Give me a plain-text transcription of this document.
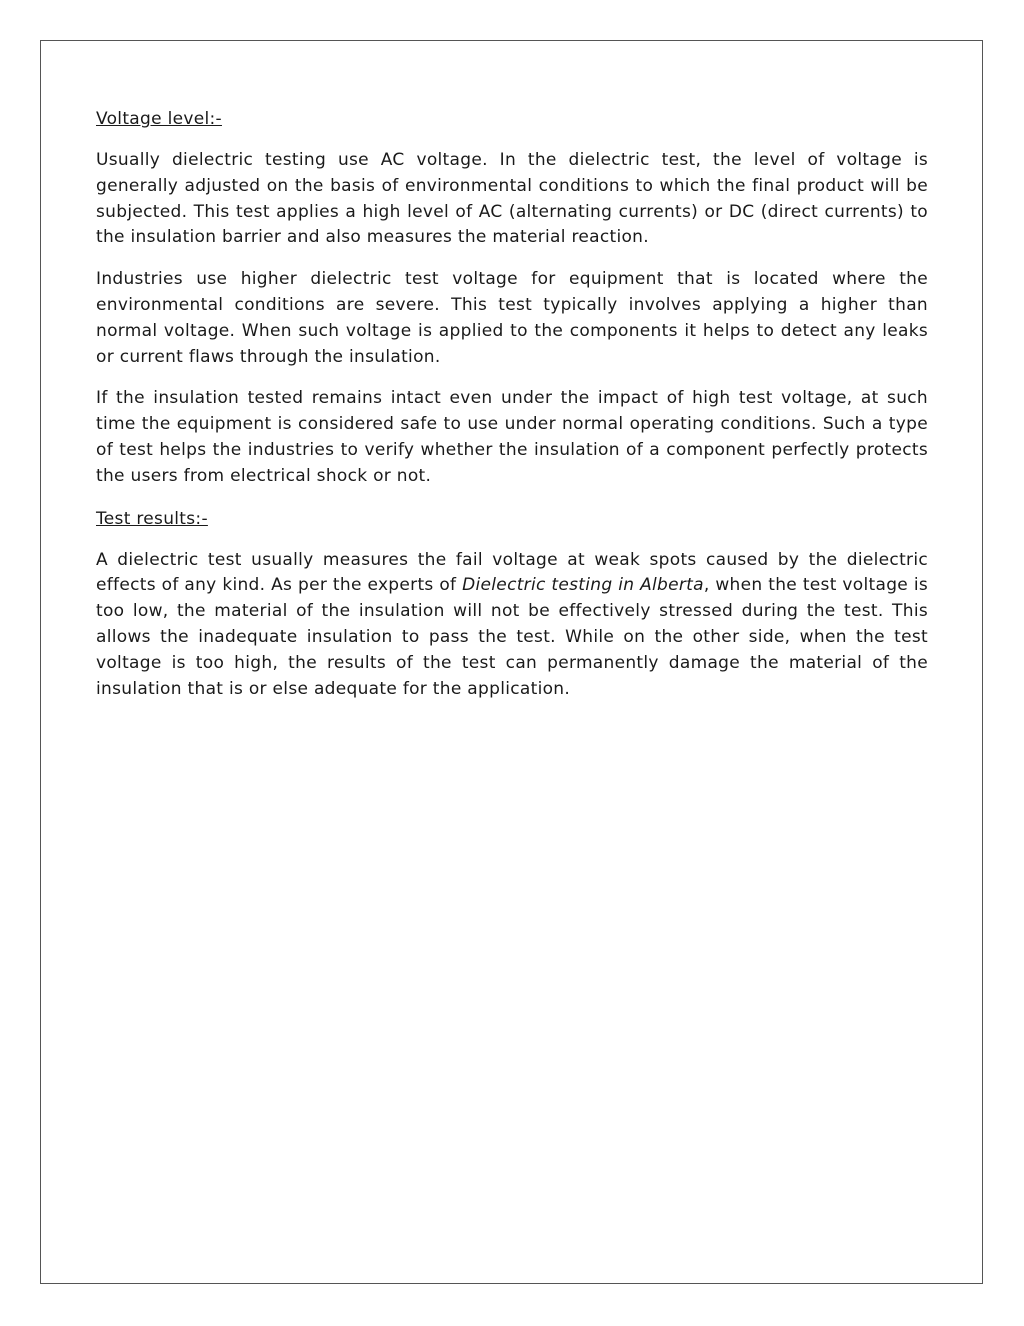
Voltage level:-

Usually dielectric testing use AC voltage. In the dielectric test, the level of voltage is generally adjusted on the basis of environmental conditions to which the final product will be subjected. This test applies a high level of AC (alternating currents) or DC (direct currents) to the insulation barrier and also measures the material reaction.

Industries use higher dielectric test voltage for equipment that is located where the environmental conditions are severe. This test typically involves applying a higher than normal voltage. When such voltage is applied to the components it helps to detect any leaks or current flaws through the insulation.

If the insulation tested remains intact even under the impact of high test voltage, at such time the equipment is considered safe to use under normal operating conditions. Such a type of test helps the industries to verify whether the insulation of a component perfectly protects the users from electrical shock or not.

Test results:-

A dielectric test usually measures the fail voltage at weak spots caused by the dielectric effects of any kind. As per the experts of Dielectric testing in Alberta, when the test voltage is too low, the material of the insulation will not be effectively stressed during the test. This allows the inadequate insulation to pass the test. While on the other side, when the test voltage is too high, the results of the test can permanently damage the material of the insulation that is or else adequate for the application.
